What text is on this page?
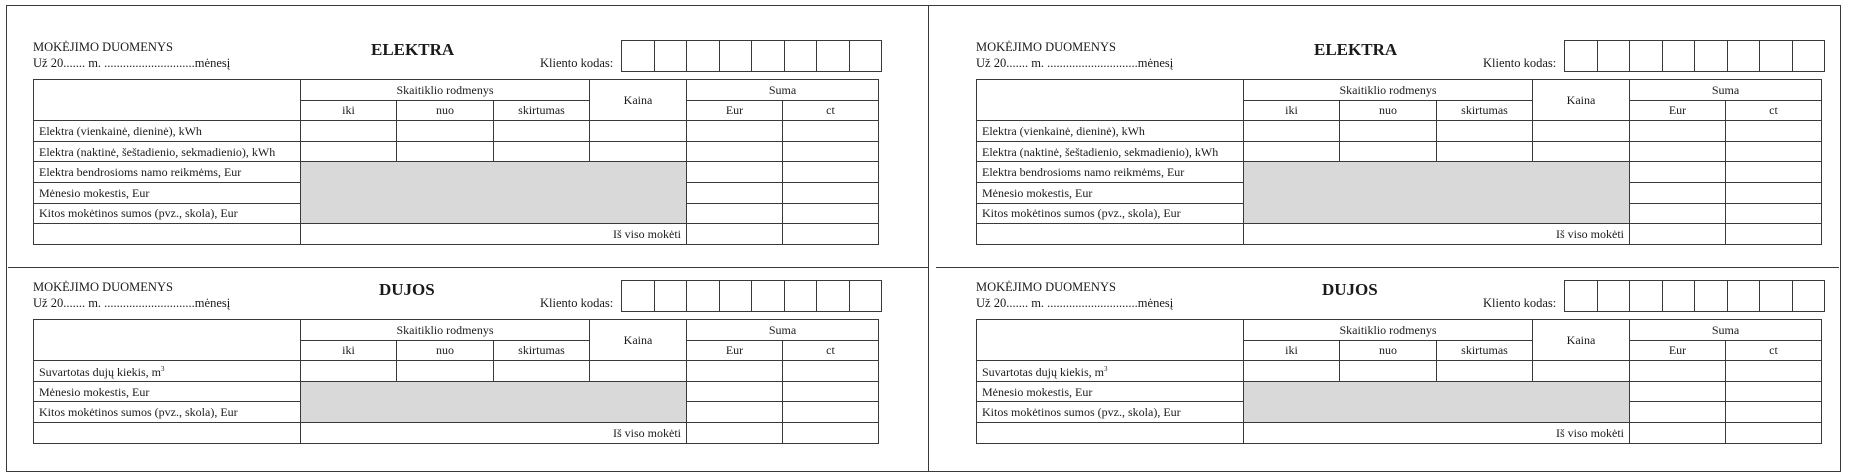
MOKĖJIMO DUOMENYS
Už 20....... m. .............................mėnesį
ELEKTRA
Kliento kodas:
	Skaitiklio rodmenys			Kaina	Suma	
	iki	nuo	skirtumas		Eur	ct
Elektra (vienkainė, dieninė), kWh						
Elektra (naktinė, šeštadienio, sekmadienio), kWh						
Elektra bendrosioms namo reikmėms, Eur						
Mėnesio mokestis, Eur						
Kitos mokėtinos sumos (pvz., skola), Eur						
	Iš viso mokėti					
MOKĖJIMO DUOMENYS
Už 20....... m. .............................mėnesį
DUJOS
Kliento kodas:
	Skaitiklio rodmenys			Kaina	Suma	
	iki	nuo	skirtumas		Eur	ct
Suvartotas dujų kiekis, $m^3$						
Mėnesio mokestis, Eur						
Kitos mokėtinos sumos (pvz., skola), Eur						
	Iš viso mokėti					
MOKĖJIMO DUOMENYS
Už 20....... m. .............................mėnesį
ELEKTRA
Kliento kodas:
	Skaitiklio rodmenys			Kaina	Suma	
	iki	nuo	skirtumas		Eur	ct
Elektra (vienkainė, dieninė), kWh						
Elektra (naktinė, šeštadienio, sekmadienio), kWh						
Elektra bendrosioms namo reikmėms, Eur						
Mėnesio mokestis, Eur						
Kitos mokėtinos sumos (pvz., skola), Eur						
	Iš viso mokėti					
MOKĖJIMO DUOMENYS
Už 20....... m. .............................mėnesį
DUJOS
Kliento kodas:
	Skaitiklio rodmenys			Kaina	Suma	
	iki	nuo	skirtumas		Eur	ct
Suvartotas dujų kiekis, $m^3$						
Mėnesio mokestis, Eur						
Kitos mokėtinos sumos (pvz., skola), Eur						
	Iš viso mokėti					
